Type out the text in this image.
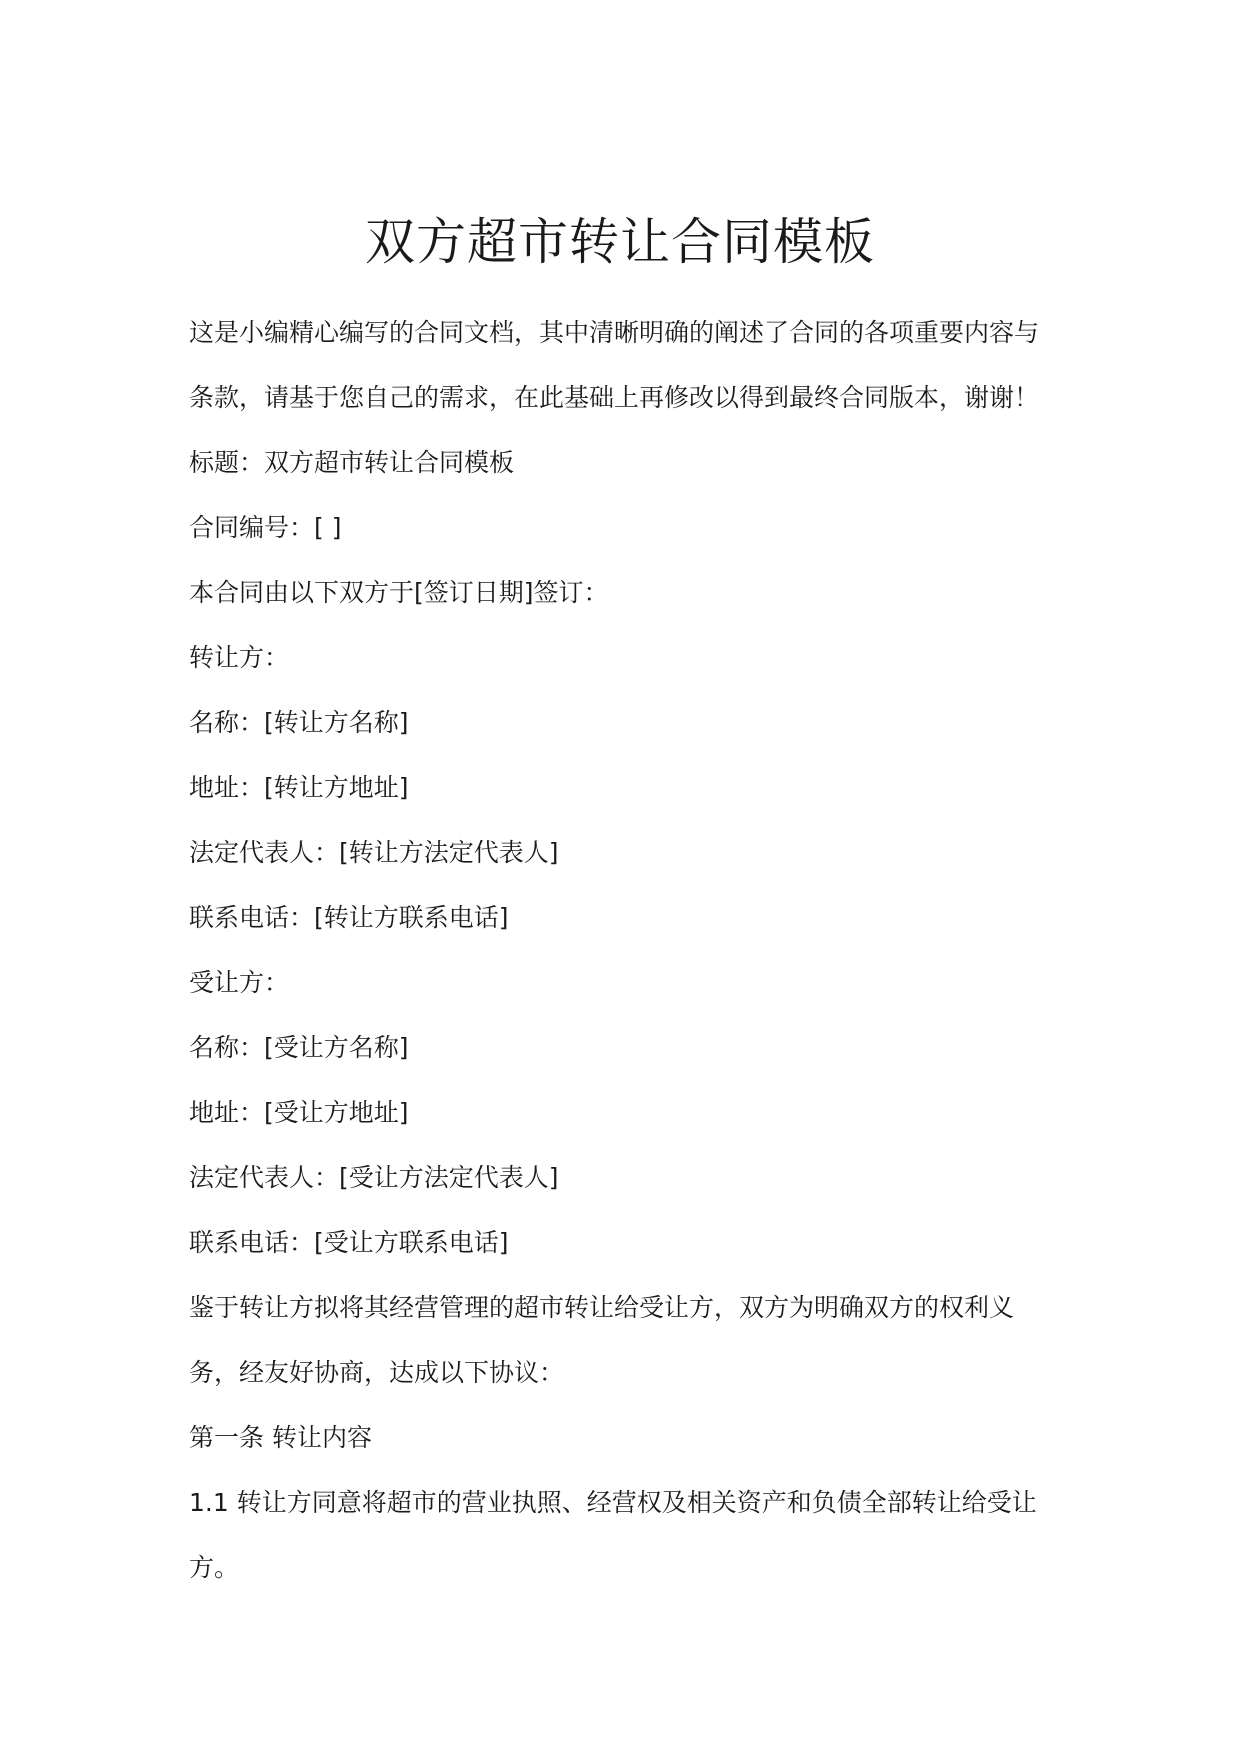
双方超市转让合同模板
这是小编精心编写的合同文档，其中清晰明确的阐述了合同的各项重要内容与
条款，请基于您自己的需求，在此基础上再修改以得到最终合同版本，谢谢！
标题：双方超市转让合同模板
合同编号：[ ]
本合同由以下双方于[签订日期]签订：
转让方：
名称：[转让方名称]
地址：[转让方地址]
法定代表人：[转让方法定代表人]
联系电话：[转让方联系电话]
受让方：
名称：[受让方名称]
地址：[受让方地址]
法定代表人：[受让方法定代表人]
联系电话：[受让方联系电话]
鉴于转让方拟将其经营管理的超市转让给受让方，双方为明确双方的权利义
务，经友好协商，达成以下协议：
第一条 转让内容
1.1 转让方同意将超市的营业执照、经营权及相关资产和负债全部转让给受让
方。
